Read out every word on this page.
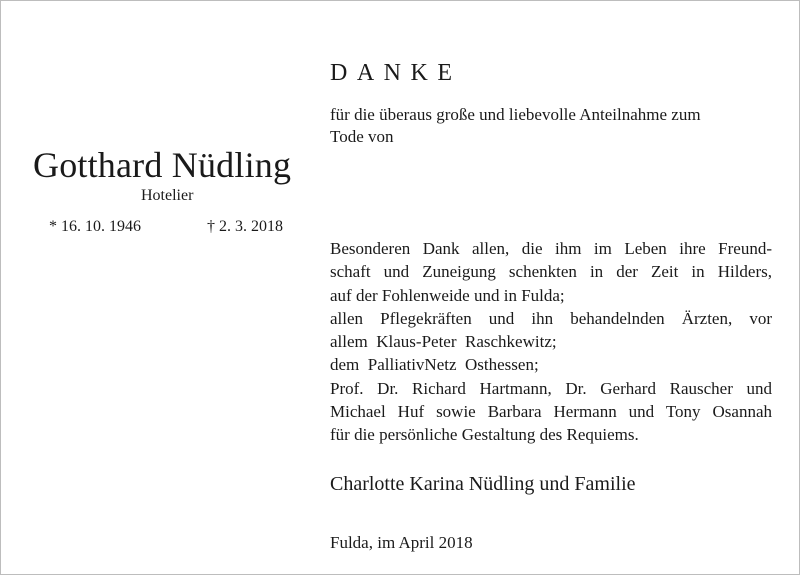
Gotthard Nüdling
Hotelier
* 16. 10. 1946	† 2. 3. 2018
DANKE
für die überaus große und liebevolle Anteilnahme zum
Tode von
Besonderen Dank allen, die ihm im Leben ihre Freund-
schaft und Zuneigung schenkten in der Zeit in Hilders,
auf der Fohlenweide und in Fulda;
allen Pflegekräften und ihn behandelnden Ärzten, vor
allem  Klaus-Peter  Raschkewitz;
dem  PalliativNetz  Osthessen;
Prof. Dr. Richard Hartmann, Dr. Gerhard Rauscher und
Michael Huf sowie Barbara Hermann und Tony Osannah
für die persönliche Gestaltung des Requiems.
Charlotte Karina Nüdling und Familie
Fulda, im April 2018
